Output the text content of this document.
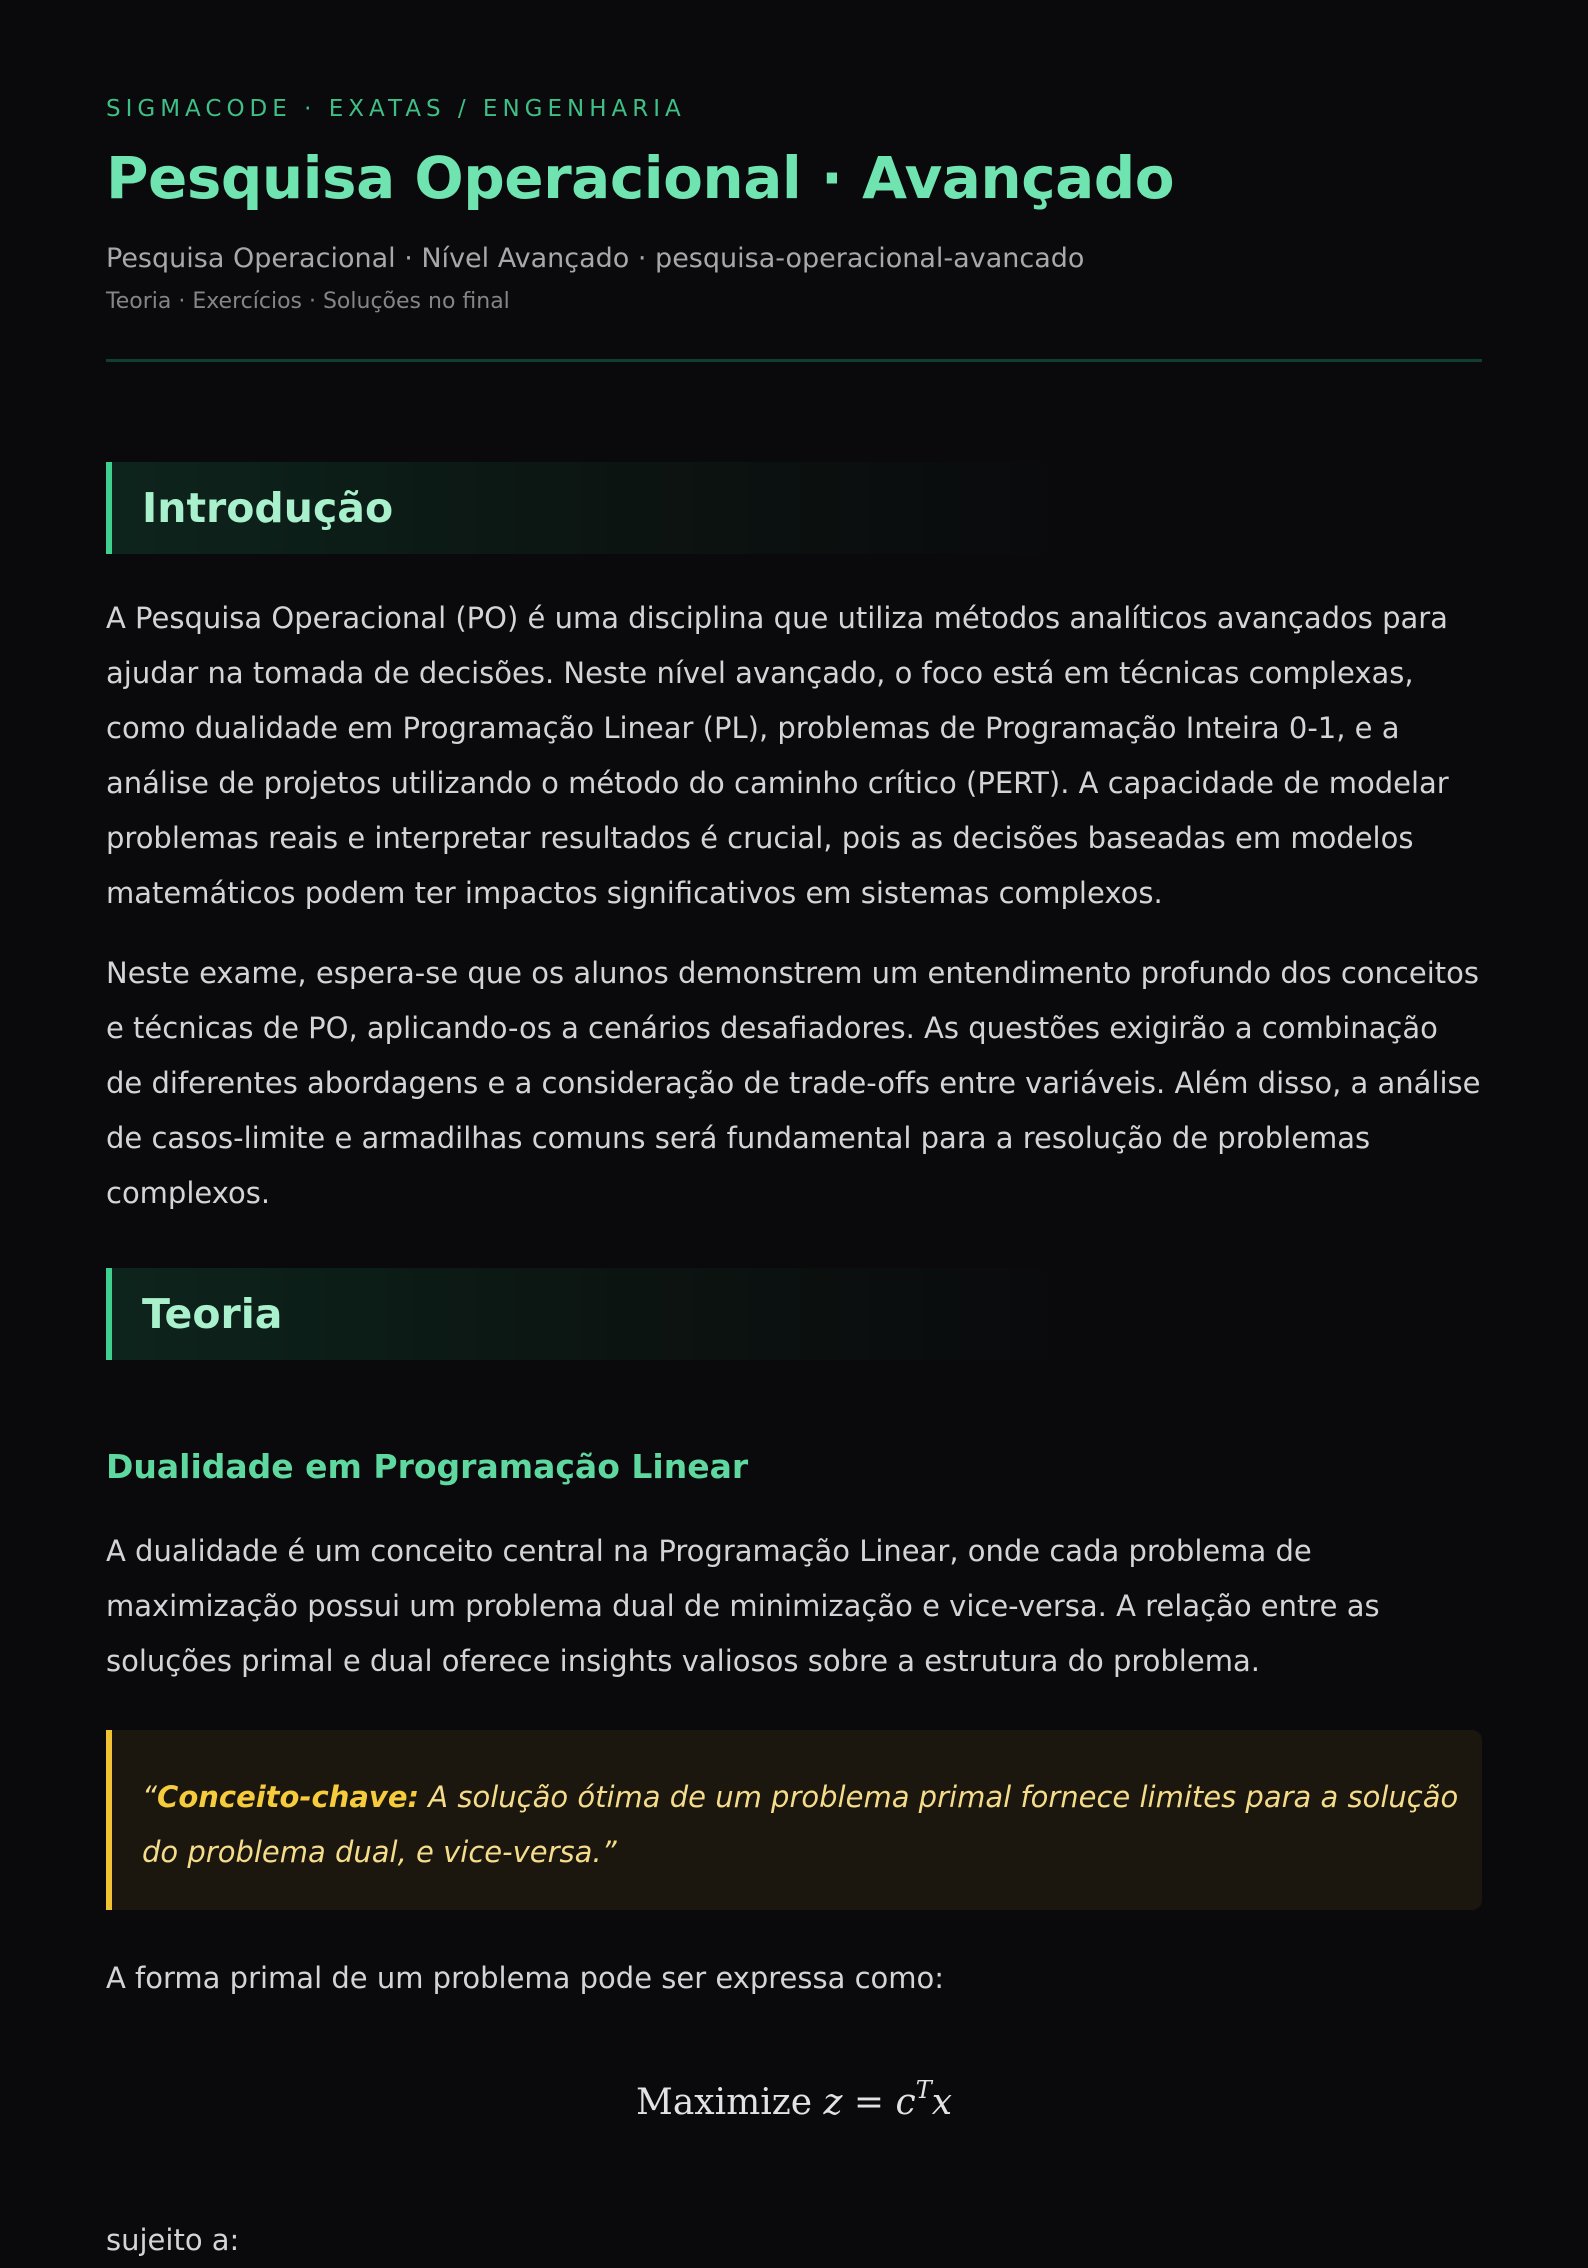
SIGMACODE · EXATAS / ENGENHARIA
Pesquisa Operacional · Avançado
Pesquisa Operacional · Nível Avançado · pesquisa-operacional-avancado
Teoria · Exercícios · Soluções no final
Introdução

A Pesquisa Operacional (PO) é uma disciplina que utiliza métodos analíticos avançados para ajudar na tomada de decisões. Neste nível avançado, o foco está em técnicas complexas, como dualidade em Programação Linear (PL), problemas de Programação Inteira 0-1, e a análise de projetos utilizando o método do caminho crítico (PERT). A capacidade de modelar problemas reais e interpretar resultados é crucial, pois as decisões baseadas em modelos matemáticos podem ter impactos significativos em sistemas complexos.

Neste exame, espera-se que os alunos demonstrem um entendimento profundo dos conceitos e técnicas de PO, aplicando-os a cenários desafiadores. As questões exigirão a combinação de diferentes abordagens e a consideração de trade-offs entre variáveis. Além disso, a análise de casos-limite e armadilhas comuns será fundamental para a resolução de problemas complexos.

Teoria
Dualidade em Programação Linear

A dualidade é um conceito central na Programação Linear, onde cada problema de maximização possui um problema dual de minimização e vice-versa. A relação entre as soluções primal e dual oferece insights valiosos sobre a estrutura do problema.

“Conceito-chave: A solução ótima de um problema primal fornece limites para a solução do problema dual, e vice-versa.”

A forma primal de um problema pode ser expressa como:

Maximize $z = c^Tx$

sujeito a:
